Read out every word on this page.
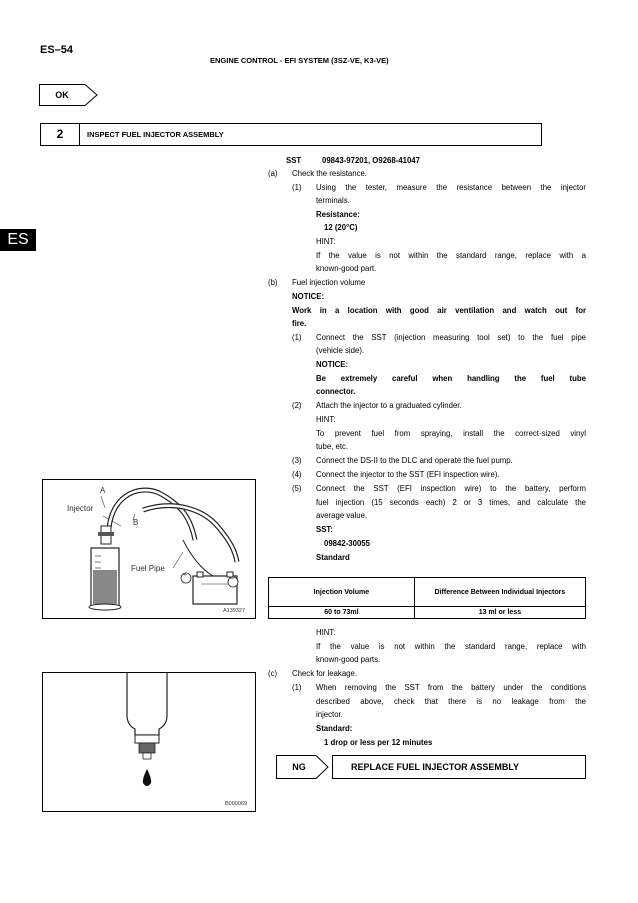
ES–54
ENGINE CONTROL - EFI SYSTEM (3SZ-VE, K3-VE)
ES
OK
2	INSPECT FUEL INJECTOR ASSEMBLY
SST	09843-97201, O9268-41047
(a) Check the resistance.
(1) Using the tester, measure the resistance between the injector
terminals.
Resistance:
12 (20°C)
HINT:
If the value is not within the standard range, replace with a
known-good part.
(b) Fuel injection volume
NOTICE:
Work in a location with good air ventilation and watch out for
fire.
(1) Connect the SST (injection measuring tool set) to the fuel pipe
(vehicle side).
NOTICE:
Be extremely careful when handling the fuel tube
connector.
(2) Attach the injector to a graduated cylinder.
HINT:
To prevent fuel from spraying, install the correct-sized vinyl
tube, etc.
(3) Connect the DS-II to the DLC and operate the fuel pump.
(4) Connect the injector to the SST (EFI inspection wire).
(5) Connect the SST (EFI inspection wire) to the battery, perform
fuel injection (15 seconds each) 2 or 3 times, and calculate the
average value.
SST:
09842-30055
Standard
Injection Volume	Difference Between Individual Injectors
60 to 73ml	13 ml or less
HINT:
If the value is not within the standard range, replace with
known-good parts.
(c) Check for leakage.
(1) When removing the SST from the battery under the conditions
described above, check that there is no leakage from the
injector.
Standard:
1 drop or less per 12 minutes
NG	REPLACE FUEL INJECTOR ASSEMBLY
A
Injector
B
Fuel Pipe
+
−
A139327
B000069
